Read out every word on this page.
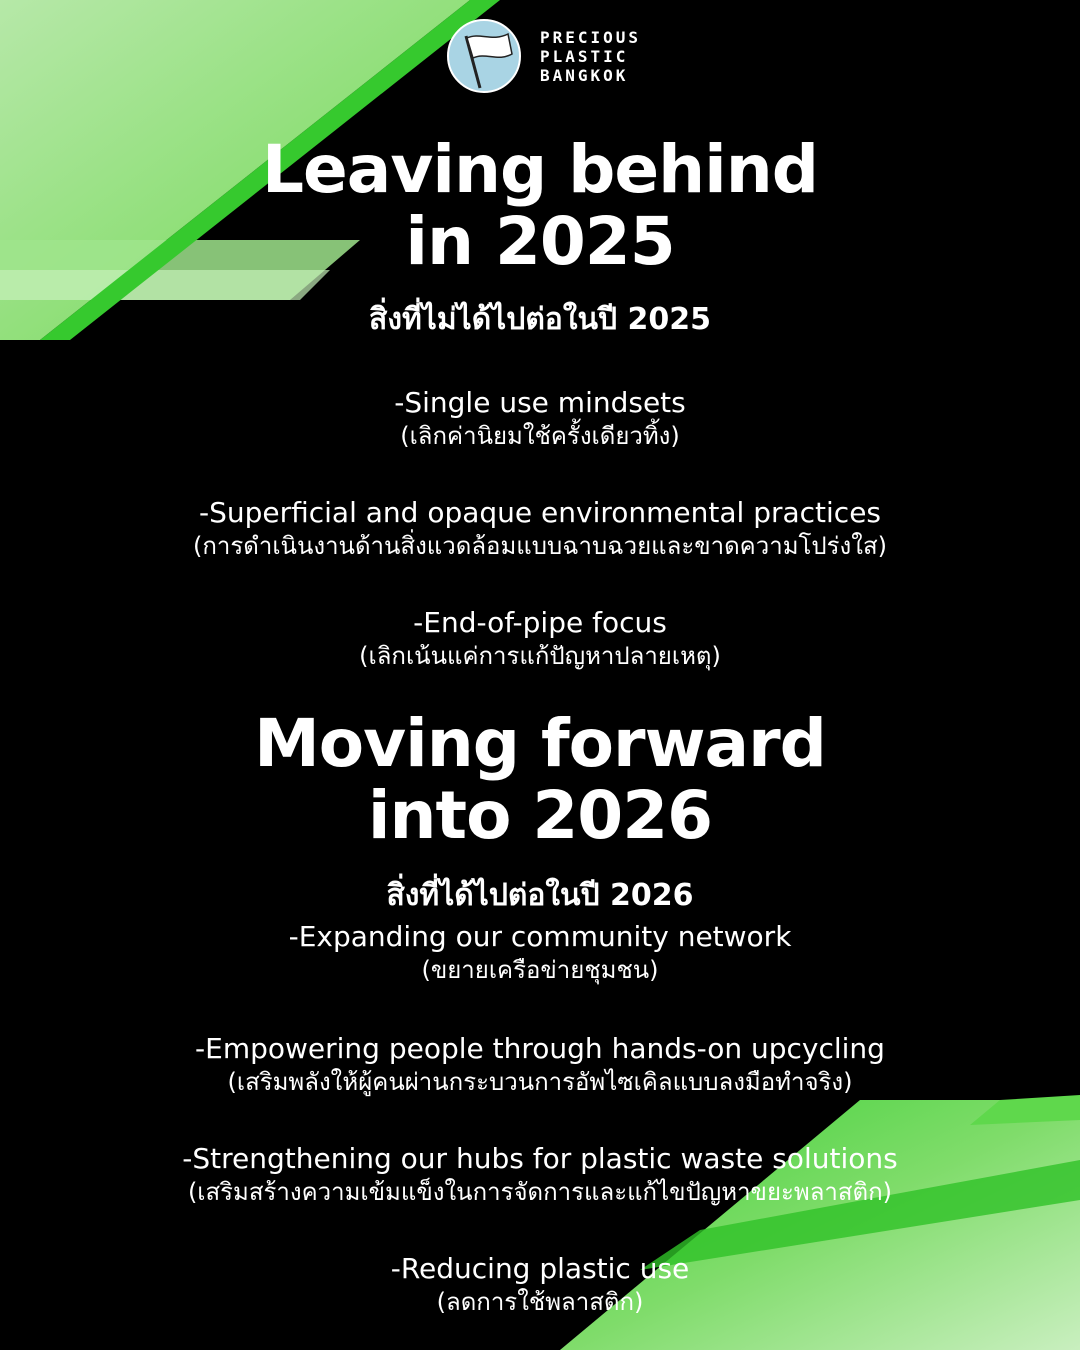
PRECIOUS
PLASTIC
BANGKOK
Leaving behind
in 2025
สิ่งที่ไม่ได้ไปต่อในปี 2025
-Single use mindsets
(เลิกค่านิยมใช้ครั้งเดียวทิ้ง)
-Superficial and opaque environmental practices
(การดำเนินงานด้านสิ่งแวดล้อมแบบฉาบฉวยและขาดความโปร่งใส)
-End-of-pipe focus
(เลิกเน้นแค่การแก้ปัญหาปลายเหตุ)
Moving forward
into 2026
สิ่งที่ได้ไปต่อในปี 2026
-Expanding our community network
(ขยายเครือข่ายชุมชน)
-Empowering people through hands-on upcycling
(เสริมพลังให้ผู้คนผ่านกระบวนการอัพไซเคิลแบบลงมือทำจริง)
-Strengthening our hubs for plastic waste solutions
(เสริมสร้างความเข้มแข็งในการจัดการและแก้ไขปัญหาขยะพลาสติก)
-Reducing plastic use
(ลดการใช้พลาสติก)
